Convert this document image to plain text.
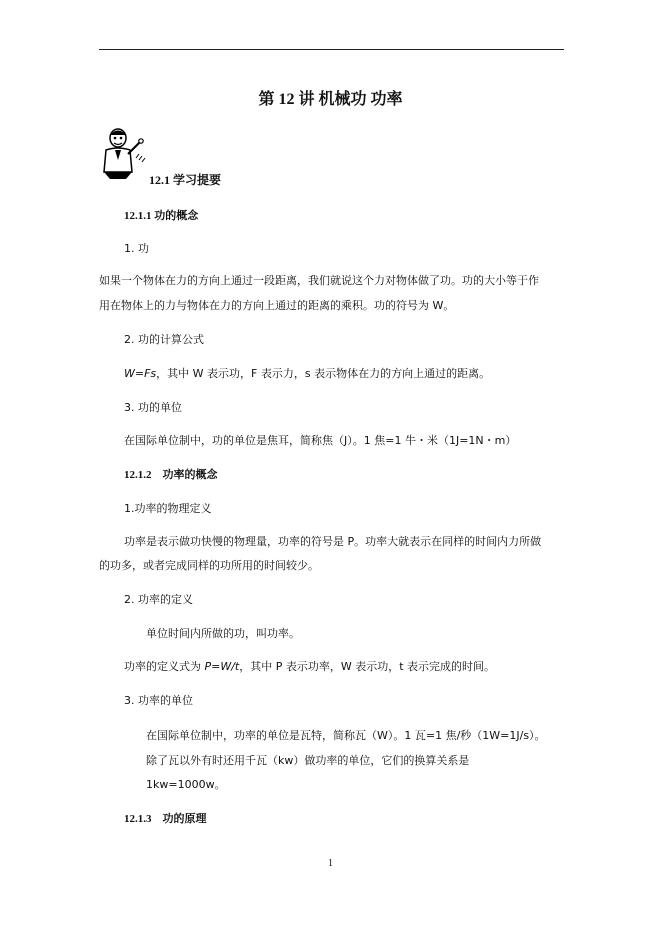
第 12 讲 机械功 功率
12.1 学习提要
12.1.1 功的概念
1. 功
如果一个物体在力的方向上通过一段距离，我们就说这个力对物体做了功。功的大小等于作
用在物体上的力与物体在力的方向上通过的距离的乘积。功的符号为 W。
2. 功的计算公式
W=Fs，其中 W 表示功，F 表示力，s 表示物体在力的方向上通过的距离。
3. 功的单位
在国际单位制中，功的单位是焦耳，简称焦（J）。1 焦=1 牛・米（1J=1N・m）
12.1.2　功率的概念
1.功率的物理定义
功率是表示做功快慢的物理量，功率的符号是 P。功率大就表示在同样的时间内力所做
的功多，或者完成同样的功所用的时间较少。
2. 功率的定义
单位时间内所做的功，叫功率。
功率的定义式为 P=W/t，其中 P 表示功率，W 表示功，t 表示完成的时间。
3. 功率的单位
在国际单位制中，功率的单位是瓦特，简称瓦（W）。1 瓦=1 焦/秒（1W=1J/s）。
除了瓦以外有时还用千瓦（kw）做功率的单位，它们的换算关系是
1kw=1000w。
12.1.3　功的原理
1
